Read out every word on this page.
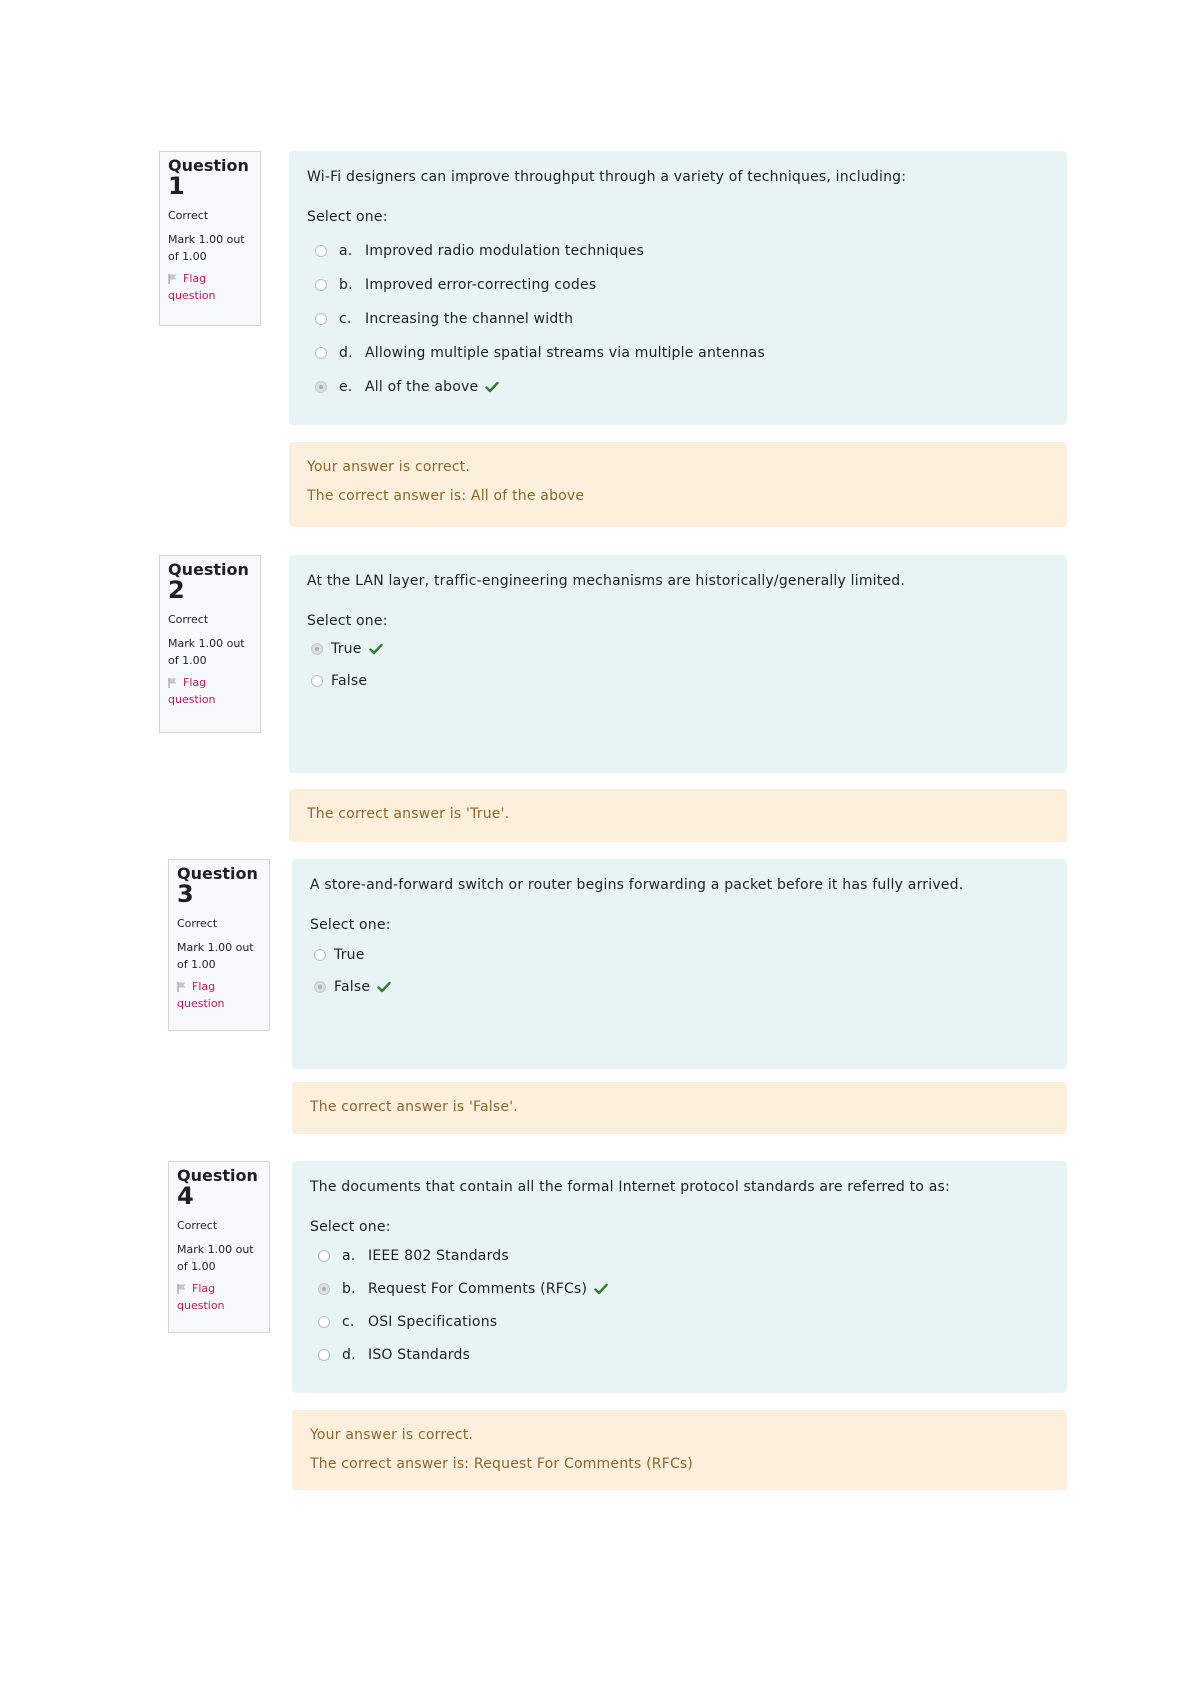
Question
1
Correct
Mark 1.00 out of 1.00
Flag question
Wi-Fi designers can improve throughput through a variety of techniques, including:
Select one:
a. Improved radio modulation techniques
b. Improved error-correcting codes
c. Increasing the channel width
d. Allowing multiple spatial streams via multiple antennas
e. All of the above
Your answer is correct.
The correct answer is: All of the above
Question
2
Correct
Mark 1.00 out of 1.00
Flag question
At the LAN layer, traffic-engineering mechanisms are historically/generally limited.
Select one:
True
False
The correct answer is 'True'.
Question
3
Correct
Mark 1.00 out of 1.00
Flag question
A store-and-forward switch or router begins forwarding a packet before it has fully arrived.
Select one:
True
False
The correct answer is 'False'.
Question
4
Correct
Mark 1.00 out of 1.00
Flag question
The documents that contain all the formal Internet protocol standards are referred to as:
Select one:
a. IEEE 802 Standards
b. Request For Comments (RFCs)
c. OSI Specifications
d. ISO Standards
Your answer is correct.
The correct answer is: Request For Comments (RFCs)
